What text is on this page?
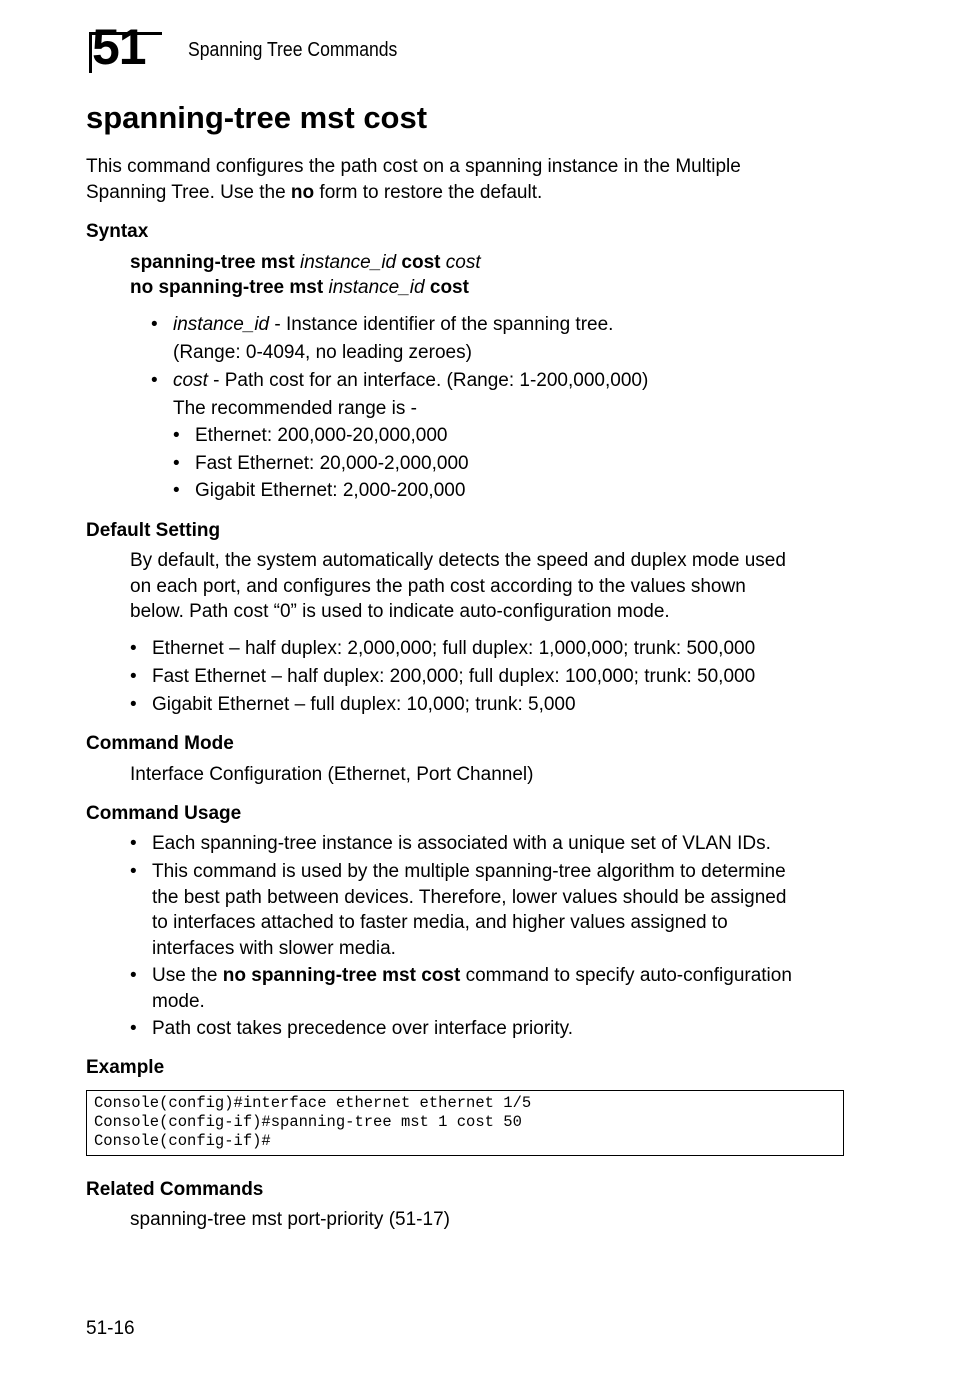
51 Spanning Tree Commands
spanning-tree mst cost
This command configures the path cost on a spanning instance in the Multiple
Spanning Tree. Use the no form to restore the default.
Syntax
spanning-tree mst instance_id cost cost
no spanning-tree mst instance_id cost
• instance_id - Instance identifier of the spanning tree.
(Range: 0-4094, no leading zeroes)
• cost - Path cost for an interface. (Range: 1-200,000,000)
The recommended range is -
• Ethernet: 200,000-20,000,000
• Fast Ethernet: 20,000-2,000,000
• Gigabit Ethernet: 2,000-200,000
Default Setting
By default, the system automatically detects the speed and duplex mode used
on each port, and configures the path cost according to the values shown
below. Path cost “0” is used to indicate auto-configuration mode.
• Ethernet – half duplex: 2,000,000; full duplex: 1,000,000; trunk: 500,000
• Fast Ethernet – half duplex: 200,000; full duplex: 100,000; trunk: 50,000
• Gigabit Ethernet – full duplex: 10,000; trunk: 5,000
Command Mode
Interface Configuration (Ethernet, Port Channel)
Command Usage
• Each spanning-tree instance is associated with a unique set of VLAN IDs.
• This command is used by the multiple spanning-tree algorithm to determine
the best path between devices. Therefore, lower values should be assigned
to interfaces attached to faster media, and higher values assigned to
interfaces with slower media.
• Use the no spanning-tree mst cost command to specify auto-configuration
mode.
• Path cost takes precedence over interface priority.
Example
Console(config)#interface ethernet ethernet 1/5
Console(config-if)#spanning-tree mst 1 cost 50
Console(config-if)#
Related Commands
spanning-tree mst port-priority (51-17)
51-16
